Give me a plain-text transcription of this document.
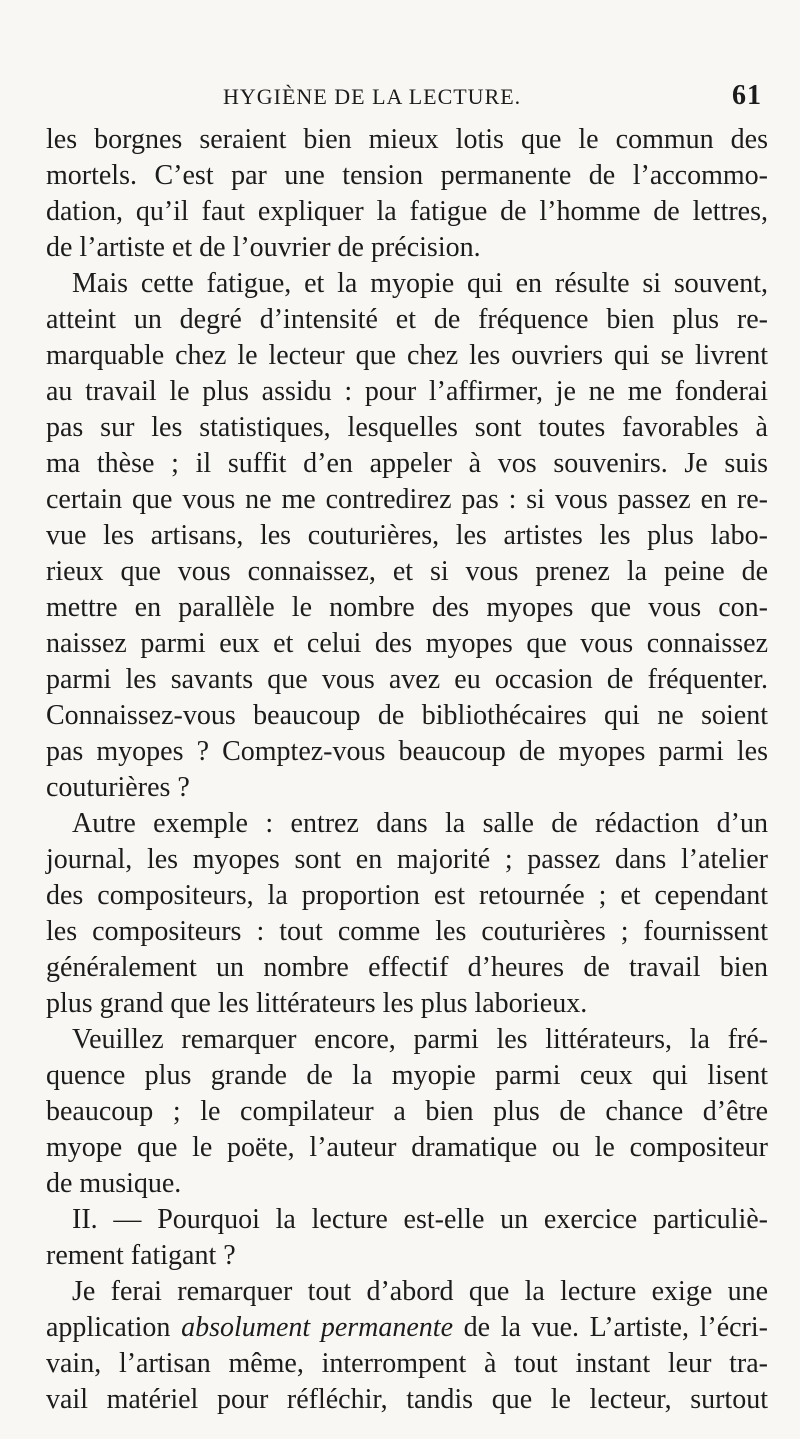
HYGIÈNE DE LA LECTURE.	61
les borgnes seraient bien mieux lotis que le commun des
mortels. C’est par une tension permanente de l’accommo-
dation, qu’il faut expliquer la fatigue de l’homme de lettres,
de l’artiste et de l’ouvrier de précision.
Mais cette fatigue, et la myopie qui en résulte si souvent,
atteint un degré d’intensité et de fréquence bien plus re-
marquable chez le lecteur que chez les ouvriers qui se livrent
au travail le plus assidu : pour l’affirmer, je ne me fonderai
pas sur les statistiques, lesquelles sont toutes favorables à
ma thèse ; il suffit d’en appeler à vos souvenirs. Je suis
certain que vous ne me contredirez pas : si vous passez en re-
vue les artisans, les couturières, les artistes les plus labo-
rieux que vous connaissez, et si vous prenez la peine de
mettre en parallèle le nombre des myopes que vous con-
naissez parmi eux et celui des myopes que vous connaissez
parmi les savants que vous avez eu occasion de fréquenter.
Connaissez-vous beaucoup de bibliothécaires qui ne soient
pas myopes ? Comptez-vous beaucoup de myopes parmi les
couturières ?
Autre exemple : entrez dans la salle de rédaction d’un
journal, les myopes sont en majorité ; passez dans l’atelier
des compositeurs, la proportion est retournée ; et cependant
les compositeurs : tout comme les couturières ; fournissent
généralement un nombre effectif d’heures de travail bien
plus grand que les littérateurs les plus laborieux.
Veuillez remarquer encore, parmi les littérateurs, la fré-
quence plus grande de la myopie parmi ceux qui lisent
beaucoup ; le compilateur a bien plus de chance d’être
myope que le poëte, l’auteur dramatique ou le compositeur
de musique.
II. — Pourquoi la lecture est-elle un exercice particuliè-
rement fatigant ?
Je ferai remarquer tout d’abord que la lecture exige une
application absolument permanente de la vue. L’artiste, l’écri-
vain, l’artisan même, interrompent à tout instant leur tra-
vail matériel pour réfléchir, tandis que le lecteur, surtout
